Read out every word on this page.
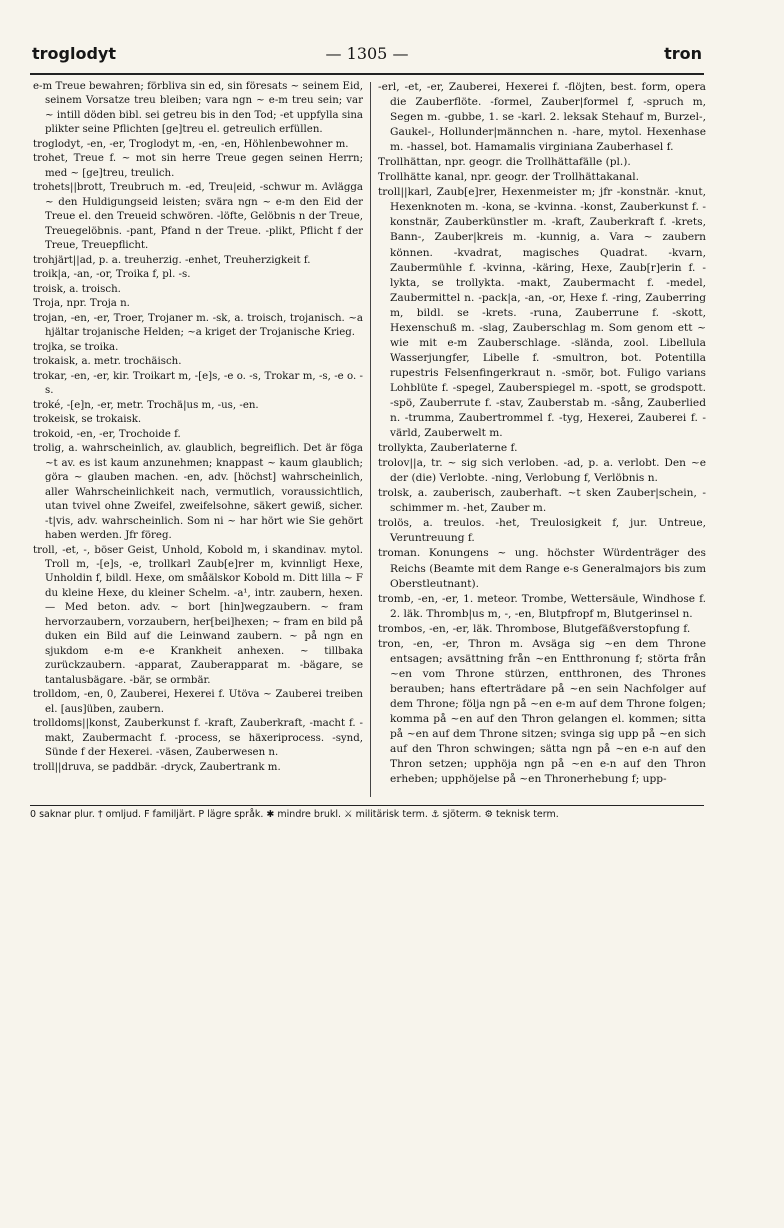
troglodyt	— 1305 —	tron

e-m Treue bewahren; förbliva sin ed, sin föresats ~ seinem Eid, seinem Vorsatze treu bleiben; vara ngn ~ e-m treu sein; var ~ intill döden bibl. sei getreu bis in den Tod; -et uppfylla sina plikter seine Pflichten [ge]treu el. getreulich erfüllen.

troglodyt, -en, -er, Troglodyt m, -en, -en, Höhlenbewohner m.

trohet, Treue f. ~ mot sin herre Treue gegen seinen Herrn; med ~ [ge]treu, treulich.

trohets||brott, Treubruch m. -ed, Treu|eid, -schwur m. Avlägga ~ den Huldigungseid leisten; svära ngn ~ e-m den Eid der Treue el. den Treueid schwören. -löfte, Gelöbnis n der Treue, Treuegelöbnis. -pant, Pfand n der Treue. -plikt, Pflicht f der Treue, Treuepflicht.

trohjärt||ad, p. a. treuherzig. -enhet, Treuherzigkeit f.

troik|a, -an, -or, Troika f, pl. -s.

troisk, a. troisch.

Troja, npr. Troja n.

trojan, -en, -er, Troer, Trojaner m. -sk, a. troisch, trojanisch. ~a hjältar trojanische Helden; ~a kriget der Trojanische Krieg.

trojka, se troika.

trokaisk, a. metr. trochäisch.

trokar, -en, -er, kir. Troikart m, -[e]s, -e o. -s, Trokar m, -s, -e o. -s.

troké, -[e]n, -er, metr. Trochä|us m, -us, -en.

trokeisk, se trokaisk.

trokoid, -en, -er, Trochoide f.

trolig, a. wahrscheinlich, av. glaublich, begreiflich. Det är föga ~t av. es ist kaum anzunehmen; knappast ~ kaum glaublich; göra ~ glauben machen. -en, adv. [höchst] wahrscheinlich, aller Wahrscheinlichkeit nach, vermutlich, voraussichtlich, utan tvivel ohne Zweifel, zweifelsohne, säkert gewiß, sicher. -t|vis, adv. wahrscheinlich. Som ni ~ har hört wie Sie gehört haben werden. Jfr föreg.

troll, -et, -, böser Geist, Unhold, Kobold m, i skandinav. mytol. Troll m, -[e]s, -e, trollkarl Zaub[e]rer m, kvinnligt Hexe, Unholdin f, bildl. Hexe, om småälskor Kobold m. Ditt lilla ~ F du kleine Hexe, du kleiner Schelm. -a¹, intr. zaubern, hexen. — Med beton. adv. ~ bort [hin]wegzaubern. ~ fram hervorzaubern, vorzaubern, her[bei]hexen; ~ fram en bild på duken ein Bild auf die Leinwand zaubern. ~ på ngn en sjukdom e-m e-e Krankheit anhexen. ~ tillbaka zurückzaubern. -apparat, Zauberapparat m. -bägare, se tantalusbägare. -bär, se ormbär.

trolldom, -en, 0, Zauberei, Hexerei f. Utöva ~ Zauberei treiben el. [aus]üben, zaubern.

trolldoms||konst, Zauberkunst f. -kraft, Zauberkraft, -macht f. -makt, Zaubermacht f. -process, se häxeriprocess. -synd, Sünde f der Hexerei. -väsen, Zauberwesen n.

troll||druva, se paddbär. -dryck, Zaubertrank m.

-erl, -et, -er, Zauberei, Hexerei f. -flöjten, best. form, opera die Zauberflöte. -formel, Zauber|formel f, -spruch m, Segen m. -gubbe, 1. se -karl. 2. leksak Stehauf m, Burzel-, Gaukel-, Hollunder|männchen n. -hare, mytol. Hexenhase m. -hassel, bot. Hamamalis virginiana Zauberhasel f.

Trollhättan, npr. geogr. die Trollhättafälle (pl.).

Trollhätte kanal, npr. geogr. der Trollhättakanal.

troll||karl, Zaub[e]rer, Hexenmeister m; jfr -konstnär. -knut, Hexenknoten m. -kona, se -kvinna. -konst, Zauberkunst f. -konstnär, Zauberkünstler m. -kraft, Zauberkraft f. -krets, Bann-, Zauber|kreis m. -kunnig, a. Vara ~ zaubern können. -kvadrat, magisches Quadrat. -kvarn, Zaubermühle f. -kvinna, -käring, Hexe, Zaub[r]erin f. -lykta, se trollykta. -makt, Zaubermacht f. -medel, Zaubermittel n. -pack|a, -an, -or, Hexe f. -ring, Zauberring m, bildl. se -krets. -runa, Zauberrune f. -skott, Hexenschuß m. -slag, Zauberschlag m. Som genom ett ~ wie mit e-m Zauberschlage. -slända, zool. Libellula Wasserjungfer, Libelle f. -smultron, bot. Potentilla rupestris Felsenfingerkraut n. -smör, bot. Fuligo varians Lohblüte f. -spegel, Zauberspiegel m. -spott, se grodspott. -spö, Zauberrute f. -stav, Zauberstab m. -sång, Zauberlied n. -trumma, Zaubertrommel f. -tyg, Hexerei, Zauberei f. -värld, Zauberwelt m.

trollykta, Zauberlaterne f.

trolov||a, tr. ~ sig sich verloben. -ad, p. a. verlobt. Den ~e der (die) Verlobte. -ning, Verlobung f, Verlöbnis n.

trolsk, a. zauberisch, zauberhaft. ~t sken Zauber|schein, -schimmer m. -het, Zauber m.

trolös, a. treulos. -het, Treulosigkeit f, jur. Untreue, Veruntreuung f.

troman. Konungens ~ ung. höchster Würdenträger des Reichs (Beamte mit dem Range e-s Generalmajors bis zum Oberstleutnant).

tromb, -en, -er, 1. meteor. Trombe, Wettersäule, Windhose f. 2. läk. Thromb|us m, -, -en, Blutpfropf m, Blutgerinsel n.

trombos, -en, -er, läk. Thrombose, Blutgefäßverstopfung f.

tron, -en, -er, Thron m. Avsäga sig ~en dem Throne entsagen; avsättning från ~en Entthronung f; störta från ~en vom Throne stürzen, entthronen, des Thrones berauben; hans efterträdare på ~en sein Nachfolger auf dem Throne; följa ngn på ~en e-m auf dem Throne folgen; komma på ~en auf den Thron gelangen el. kommen; sitta på ~en auf dem Throne sitzen; svinga sig upp på ~en sich auf den Thron schwingen; sätta ngn på ~en e-n auf den Thron setzen; upphöja ngn på ~en e-n auf den Thron erheben; upphöjelse på ~en Thronerhebung f; upp-

0 saknar plur. † omljud. F familjärt. P lägre språk. ✱ mindre brukl. ⚔ militärisk term. ⚓ sjöterm. ⚙ teknisk term.
